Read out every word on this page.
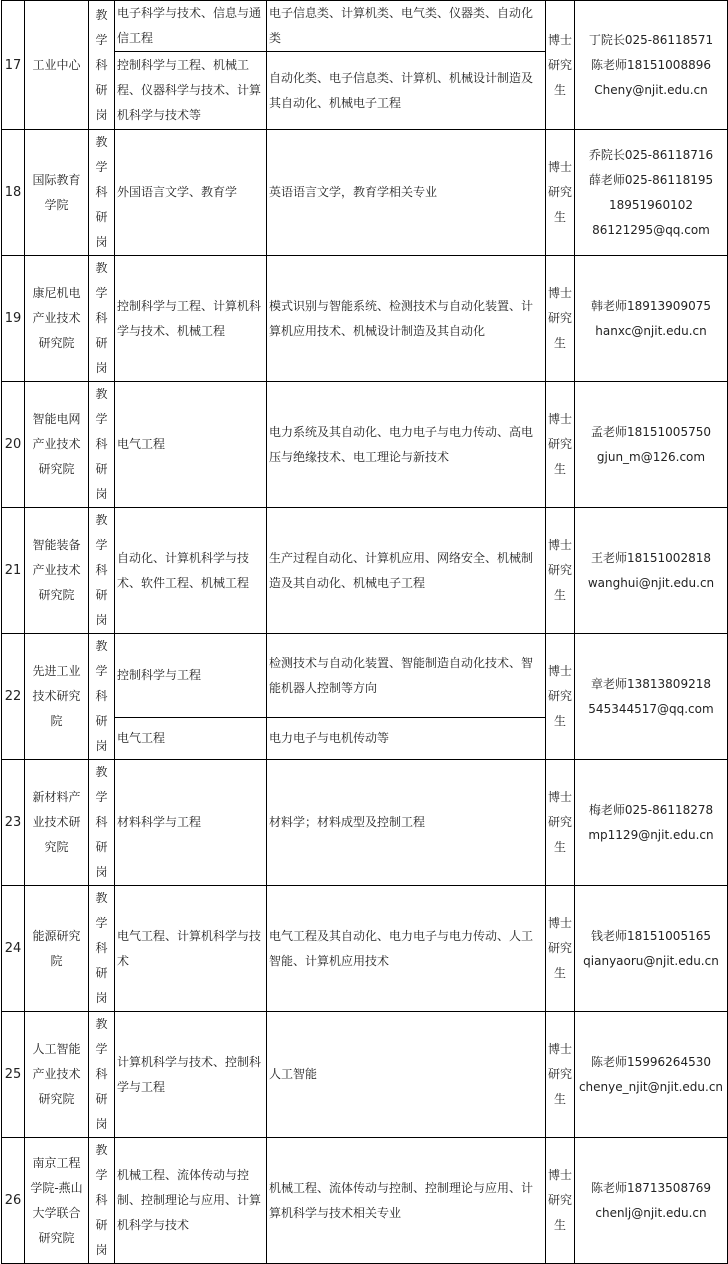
17	工业中心	教学科研岗	电子科学与技术、信息与通信工程	电子信息类、计算机类、电气类、仪器类、自动化类	博士研究生	丁院长025-86118571
陈老师18151008896
Cheny@njit.edu.cn

			控制科学与工程、机械工程、仪器科学与技术、计算机科学与技术等	自动化类、电子信息类、计算机、机械设计制造及其自动化、机械电子工程		
18	国际教育学院	教学科研岗	外国语言文学、教育学	英语语言文学，教育学相关专业	博士研究生	乔院长025-86118716
薛老师025-86118195
18951960102
86121295@qq.com

19	康尼机电产业技术研究院	教学科研岗	控制科学与工程、计算机科学与技术、机械工程	模式识别与智能系统、检测技术与自动化装置、计算机应用技术、机械设计制造及其自动化	博士研究生	韩老师18913909075
hanxc@njit.edu.cn

20	智能电网产业技术研究院	教学科研岗	电气工程	电力系统及其自动化、电力电子与电力传动、高电压与绝缘技术、电工理论与新技术	博士研究生	孟老师18151005750
gjun_m@126.com

21	智能装备产业技术研究院	教学科研岗	自动化、计算机科学与技术、软件工程、机械工程	生产过程自动化、计算机应用、网络安全、机械制造及其自动化、机械电子工程	博士研究生	王老师18151002818
wanghui@njit.edu.cn

22	先进工业技术研究院	教学科研岗	控制科学与工程	检测技术与自动化装置、智能制造自动化技术、智能机器人控制等方向	博士研究生	章老师13813809218
545344517@qq.com

			电气工程	电力电子与电机传动等		
23	新材料产业技术研究院	教学科研岗	材料科学与工程	材料学；材料成型及控制工程	博士研究生	梅老师025-86118278
mp1129@njit.edu.cn

24	能源研究院	教学科研岗	电气工程、计算机科学与技术	电气工程及其自动化、电力电子与电力传动、人工智能、计算机应用技术	博士研究生	钱老师18151005165
qianyaoru@njit.edu.cn

25	人工智能产业技术研究院	教学科研岗	计算机科学与技术、控制科学与工程	人工智能	博士研究生	陈老师15996264530
chenye_njit@njit.edu.cn

26	南京工程学院-燕山大学联合研究院	教学科研岗	机械工程、流体传动与控制、控制理论与应用、计算机科学与技术	机械工程、流体传动与控制、控制理论与应用、计算机科学与技术相关专业	博士研究生	陈老师18713508769
chenlj@njit.edu.cn
